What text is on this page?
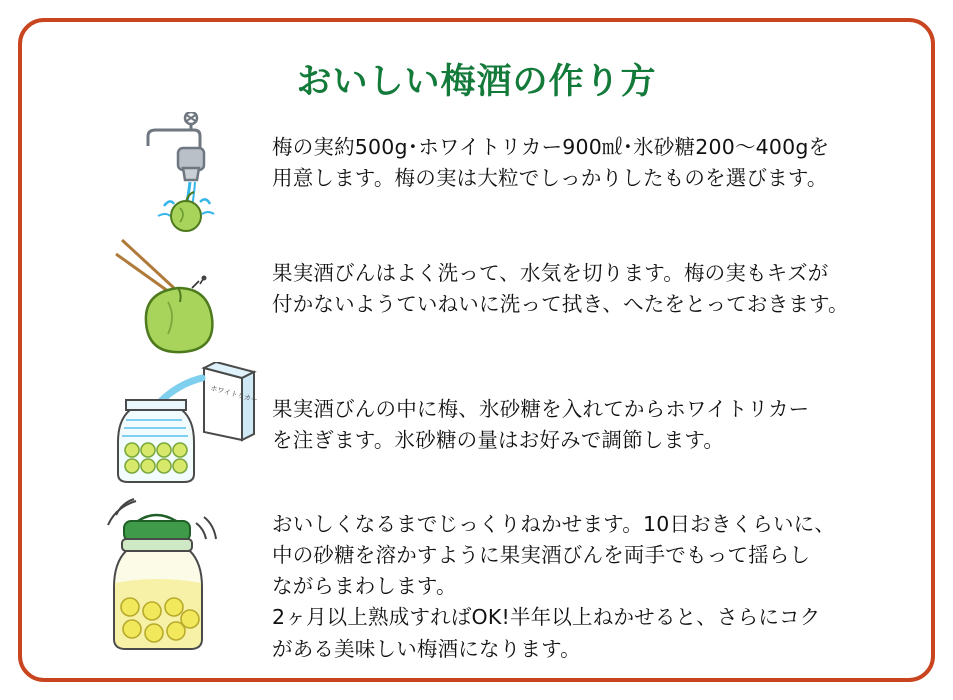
おいしい梅酒の作り方

梅の実約500g･ホワイトリカー900㎖･氷砂糖200〜400gを

用意します。梅の実は大粒でしっかりしたものを選びます。

果実酒びんはよく洗って、水気を切ります。梅の実もキズが

付かないようていねいに洗って拭き、へたをとっておきます。

ホワイトリカー

果実酒びんの中に梅、氷砂糖を入れてからホワイトリカー

を注ぎます。氷砂糖の量はお好みで調節します。

おいしくなるまでじっくりねかせます。10日おきくらいに、

中の砂糖を溶かすように果実酒びんを両手でもって揺らし

ながらまわします。

2ヶ月以上熟成すればOK!半年以上ねかせると、さらにコク

がある美味しい梅酒になります。
